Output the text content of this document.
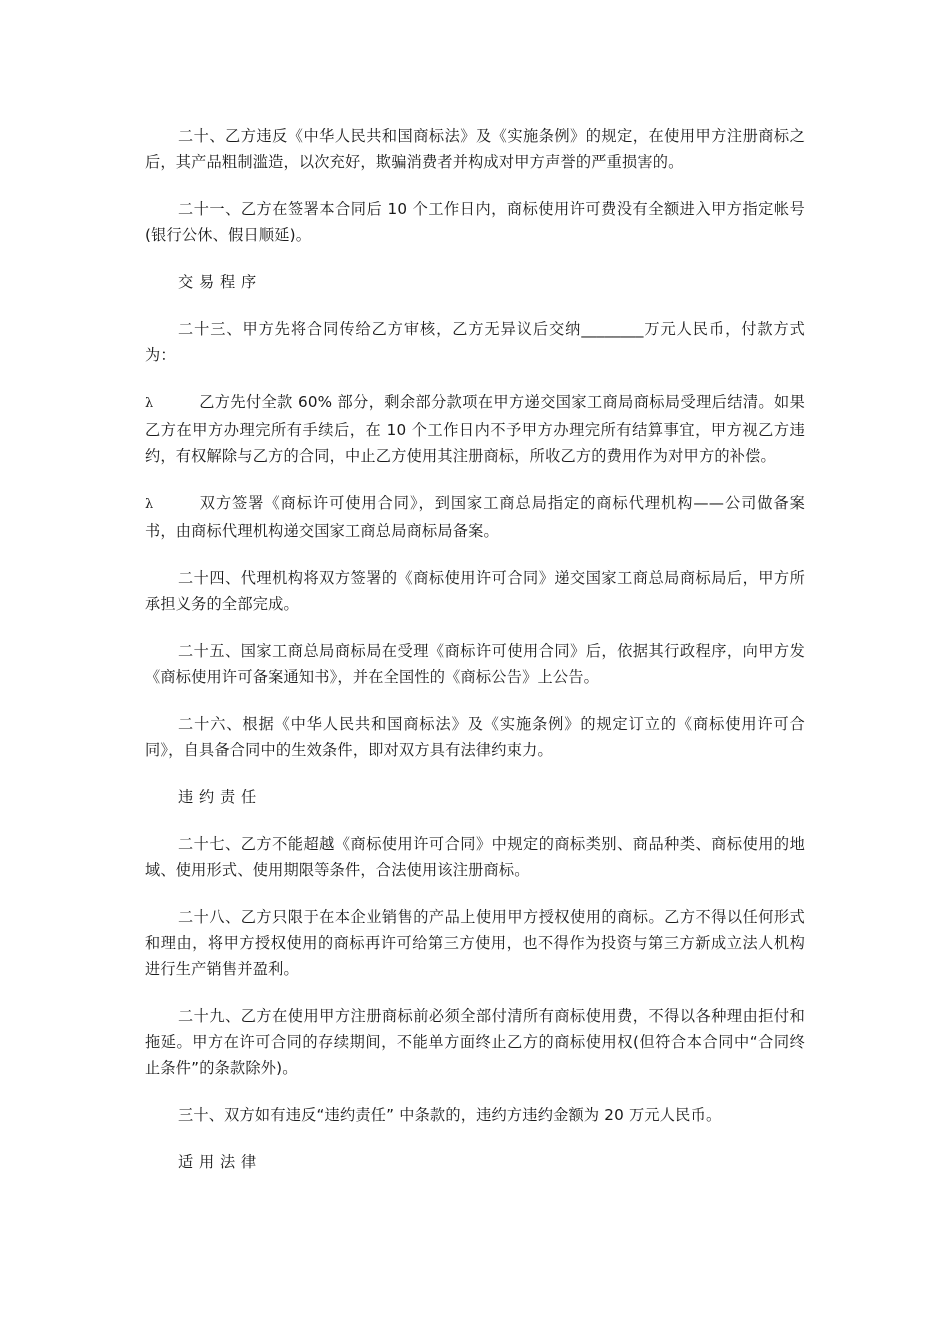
二十、乙方违反《中华人民共和国商标法》及《实施条例》的规定，在使用甲方注册商标之后，其产品粗制滥造，以次充好，欺骗消费者并构成对甲方声誉的严重损害的。

二十一、乙方在签署本合同后 10 个工作日内，商标使用许可费没有全额进入甲方指定帐号(银行公休、假日顺延)。

交 易 程 序

二十三、甲方先将合同传给乙方审核，乙方无异议后交纳________万元人民币，付款方式为：

λ	乙方先付全款 60% 部分，剩余部分款项在甲方递交国家工商局商标局受理后结清。如果乙方在甲方办理完所有手续后，在 10 个工作日内不予甲方办理完所有结算事宜，甲方视乙方违约，有权解除与乙方的合同，中止乙方使用其注册商标，所收乙方的费用作为对甲方的补偿。

λ	双方签署《商标许可使用合同》，到国家工商总局指定的商标代理机构——公司做备案书，由商标代理机构递交国家工商总局商标局备案。

二十四、代理机构将双方签署的《商标使用许可合同》递交国家工商总局商标局后，甲方所承担义务的全部完成。

二十五、国家工商总局商标局在受理《商标许可使用合同》后，依据其行政程序，向甲方发《商标使用许可备案通知书》，并在全国性的《商标公告》上公告。

二十六、根据《中华人民共和国商标法》及《实施条例》的规定订立的《商标使用许可合同》，自具备合同中的生效条件，即对双方具有法律约束力。

违 约 责 任

二十七、乙方不能超越《商标使用许可合同》中规定的商标类别、商品种类、商标使用的地域、使用形式、使用期限等条件，合法使用该注册商标。

二十八、乙方只限于在本企业销售的产品上使用甲方授权使用的商标。乙方不得以任何形式和理由，将甲方授权使用的商标再许可给第三方使用，也不得作为投资与第三方新成立法人机构进行生产销售并盈利。

二十九、乙方在使用甲方注册商标前必须全部付清所有商标使用费，不得以各种理由拒付和拖延。甲方在许可合同的存续期间，不能单方面终止乙方的商标使用权(但符合本合同中“合同终止条件”的条款除外)。

三十、双方如有违反“违约责任” 中条款的，违约方违约金额为 20 万元人民币。

适 用 法 律
